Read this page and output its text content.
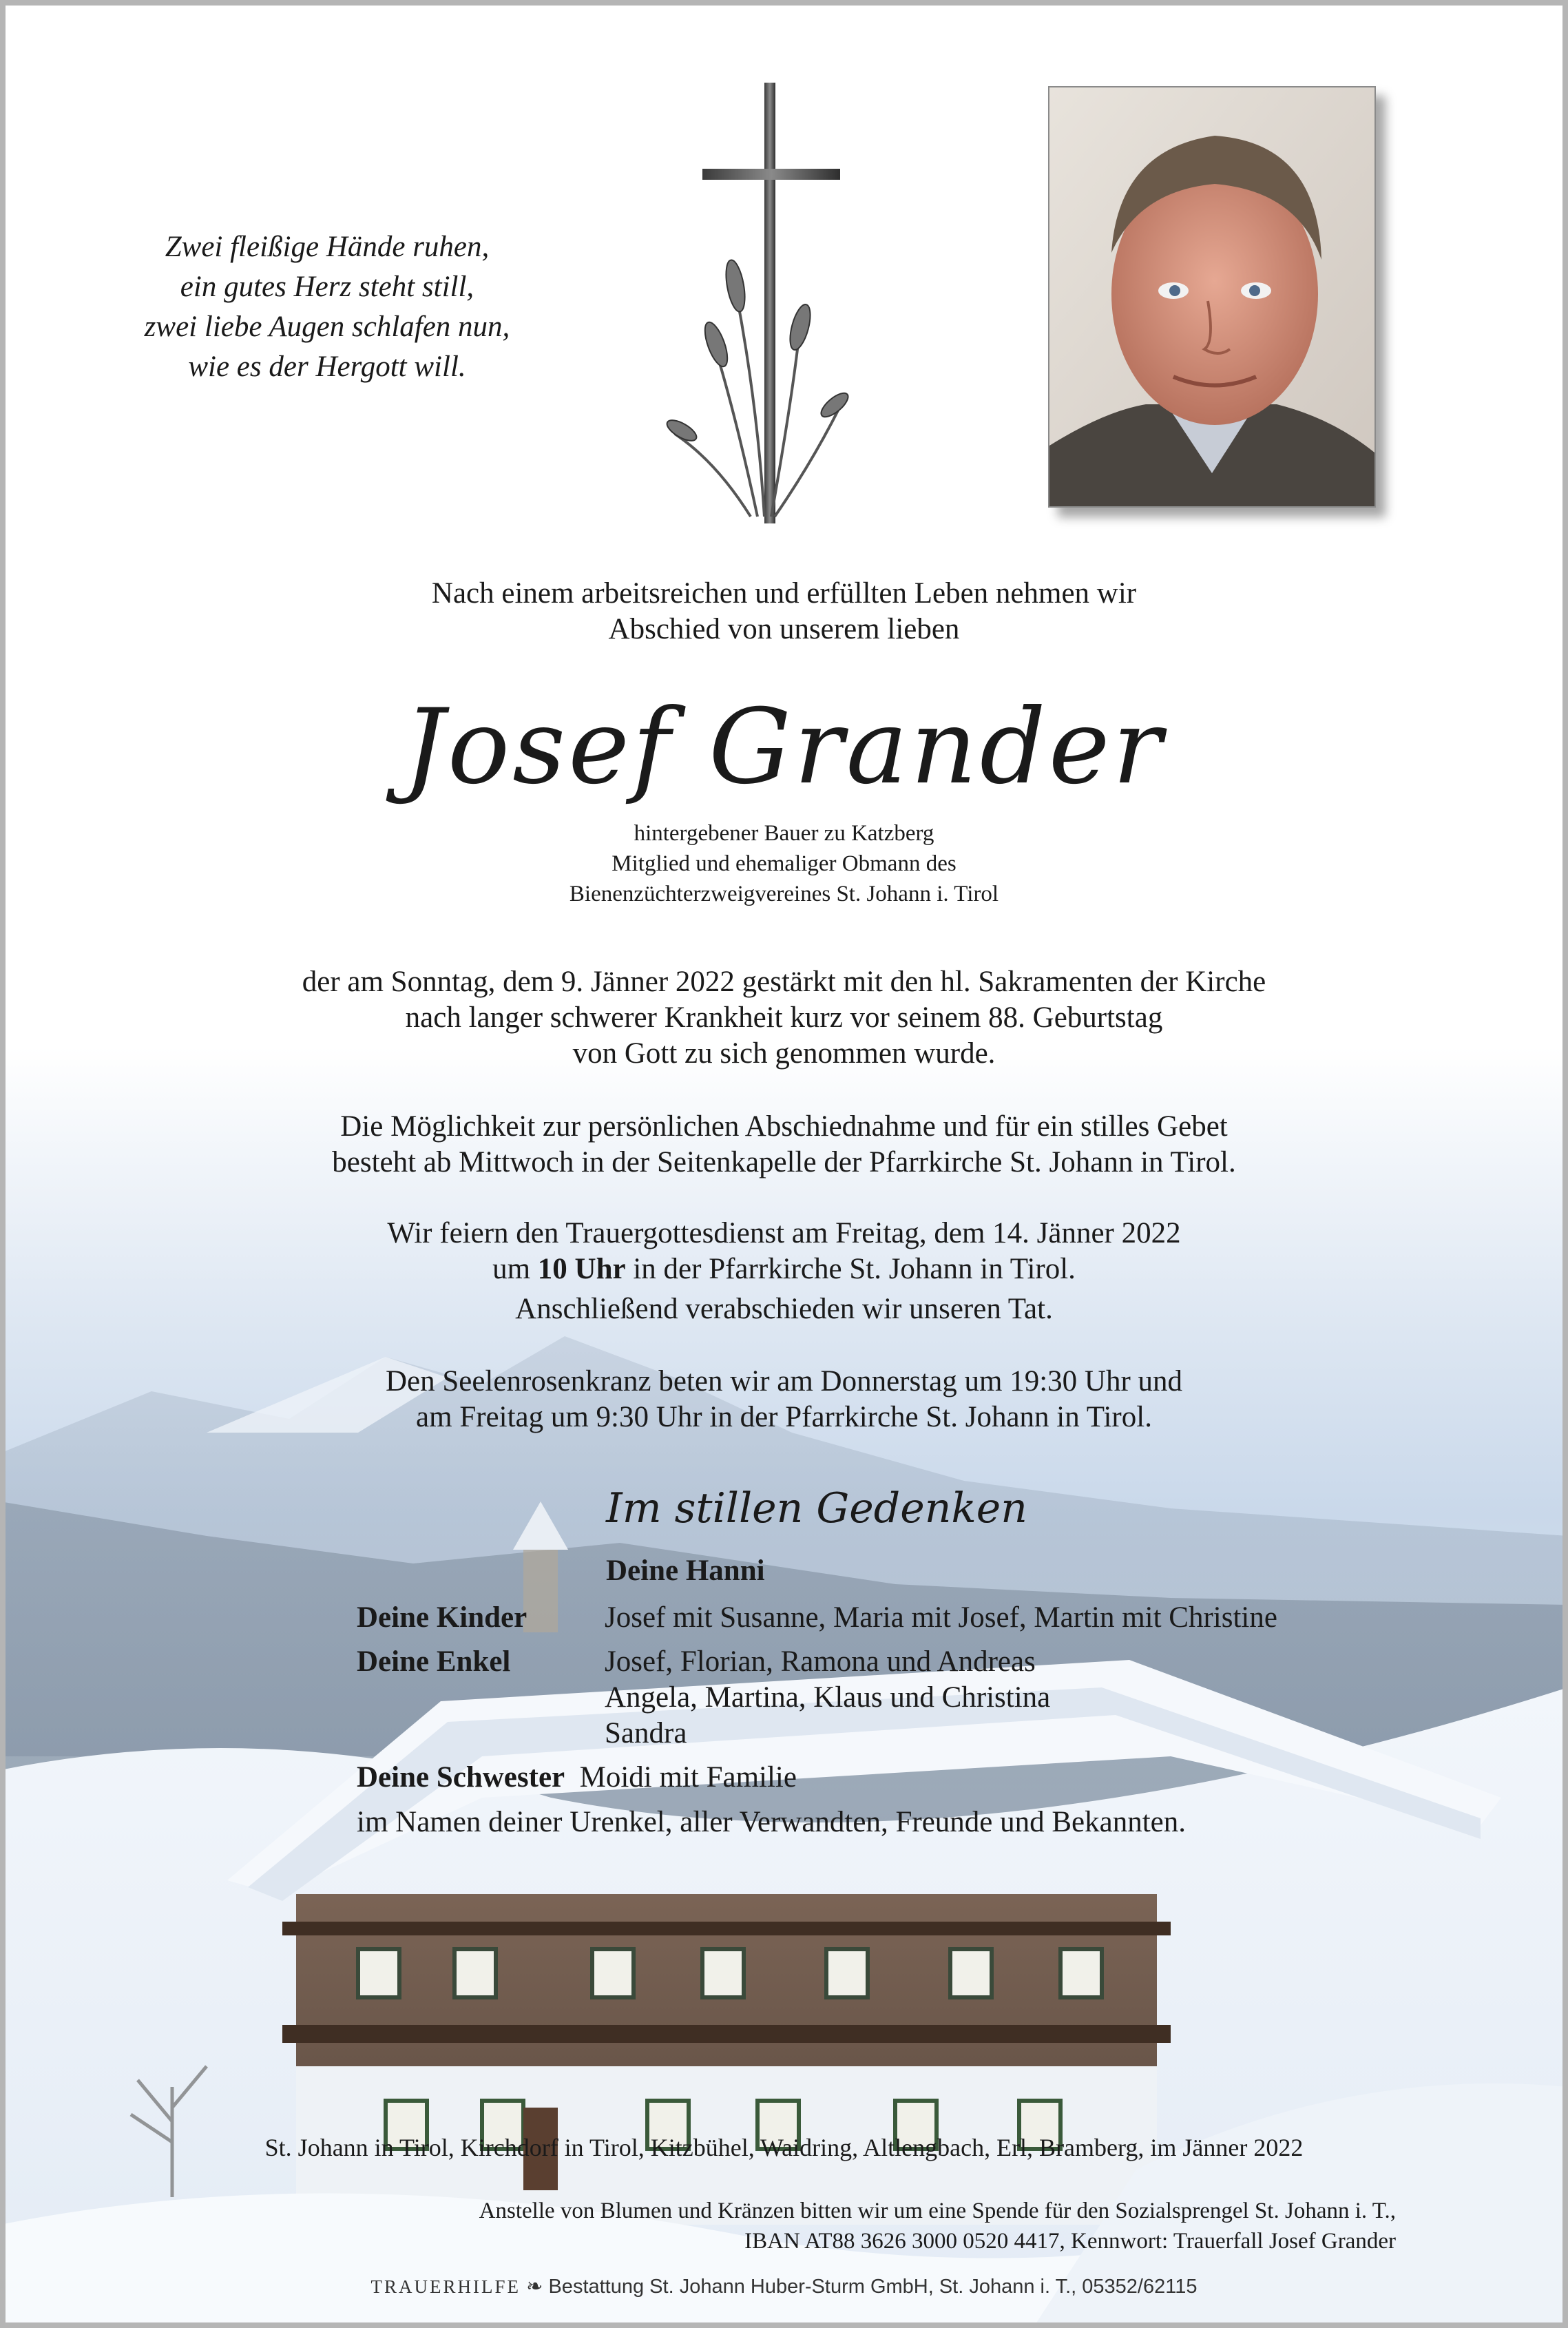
Zwei fleißige Hände ruhen,
ein gutes Herz steht still,
zwei liebe Augen schlafen nun,
wie es der Hergott will.
Nach einem arbeitsreichen und erfüllten Leben nehmen wir
Abschied von unserem lieben
Josef Grander
hintergebener Bauer zu Katzberg
Mitglied und ehemaliger Obmann des
Bienenzüchterzweigvereines St. Johann i. Tirol
der am Sonntag, dem 9. Jänner 2022 gestärkt mit den hl. Sakramenten der Kirche
nach langer schwerer Krankheit kurz vor seinem 88. Geburtstag
von Gott zu sich genommen wurde.
Die Möglichkeit zur persönlichen Abschiednahme und für ein stilles Gebet
besteht ab Mittwoch in der Seitenkapelle der Pfarrkirche St. Johann in Tirol.
Wir feiern den Trauergottesdienst am Freitag, dem 14. Jänner 2022
um 10 Uhr in der Pfarrkirche St. Johann in Tirol.
Anschließend verabschieden wir unseren Tat.
Den Seelenrosenkranz beten wir am Donnerstag um 19:30 Uhr und
am Freitag um 9:30 Uhr in der Pfarrkirche St. Johann in Tirol.
Im stillen Gedenken
Deine Hanni
Deine Kinder	Josef mit Susanne, Maria mit Josef, Martin mit Christine
Deine Enkel	Josef, Florian, Ramona und Andreas
Angela, Martina, Klaus und Christina
Sandra
Deine Schwester Moidi mit Familie
im Namen deiner Urenkel, aller Verwandten, Freunde und Bekannten.
St. Johann in Tirol, Kirchdorf in Tirol, Kitzbühel, Waidring, Altlengbach, Erl, Bramberg, im Jänner 2022
Anstelle von Blumen und Kränzen bitten wir um eine Spende für den Sozialsprengel St. Johann i. T.,
IBAN AT88 3626 3000 0520 4417, Kennwort: Trauerfall Josef Grander
TRAUERHILFE ❧ Bestattung St. Johann Huber-Sturm GmbH, St. Johann i. T., 05352/62115
